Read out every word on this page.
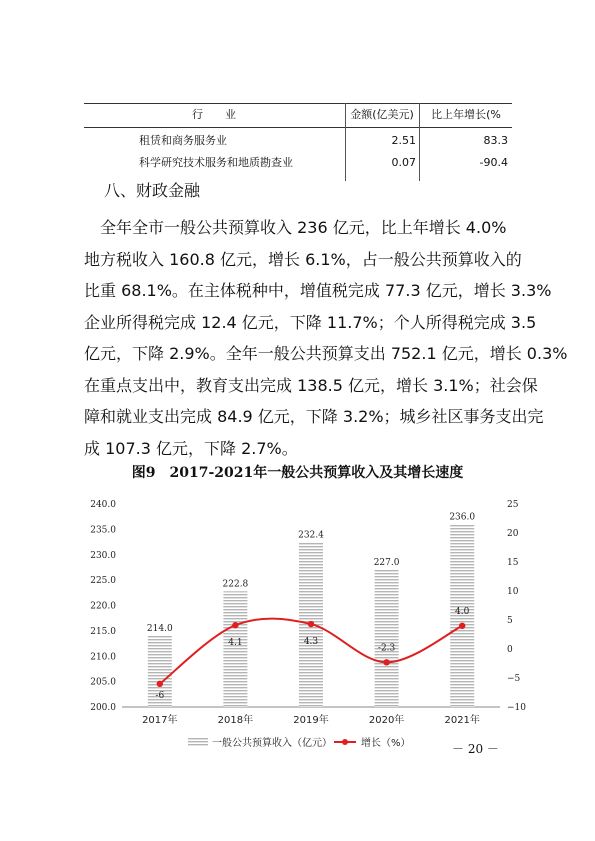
行　　业	金额(亿美元)	比上年增长(%
租赁和商务服务业	2.51	83.3
科学研究技术服务和地质勘查业	0.07	-90.4
八、财政金融
全年全市一般公共预算收入 236 亿元，比上年增长 4.0%
地方税收入 160.8 亿元，增长 6.1%，占一般公共预算收入的
比重 68.1%。在主体税种中，增值税完成 77.3 亿元，增长 3.3%
企业所得税完成 12.4 亿元，下降 11.7%；个人所得税完成 3.5
亿元，下降 2.9%。全年一般公共预算支出 752.1 亿元，增长 0.3%
在重点支出中，教育支出完成 138.5 亿元，增长 3.1%；社会保
障和就业支出完成 84.9 亿元，下降 3.2%；城乡社区事务支出完
成 107.3 亿元，下降 2.7%。
图9　2017-2021年一般公共预算收入及其增长速度
200.0
205.0
210.0
215.0
220.0
225.0
230.0
235.0
240.0
−10
−5
0
5
10
15
20
25
214.0
222.8
232.4
227.0
236.0
2017年	2018年	2019年	2020年	2021年
-6
4.1	4.3
-2.3
4.0
一般公共预算收入（亿元）	增长（%）	－ 20 －
